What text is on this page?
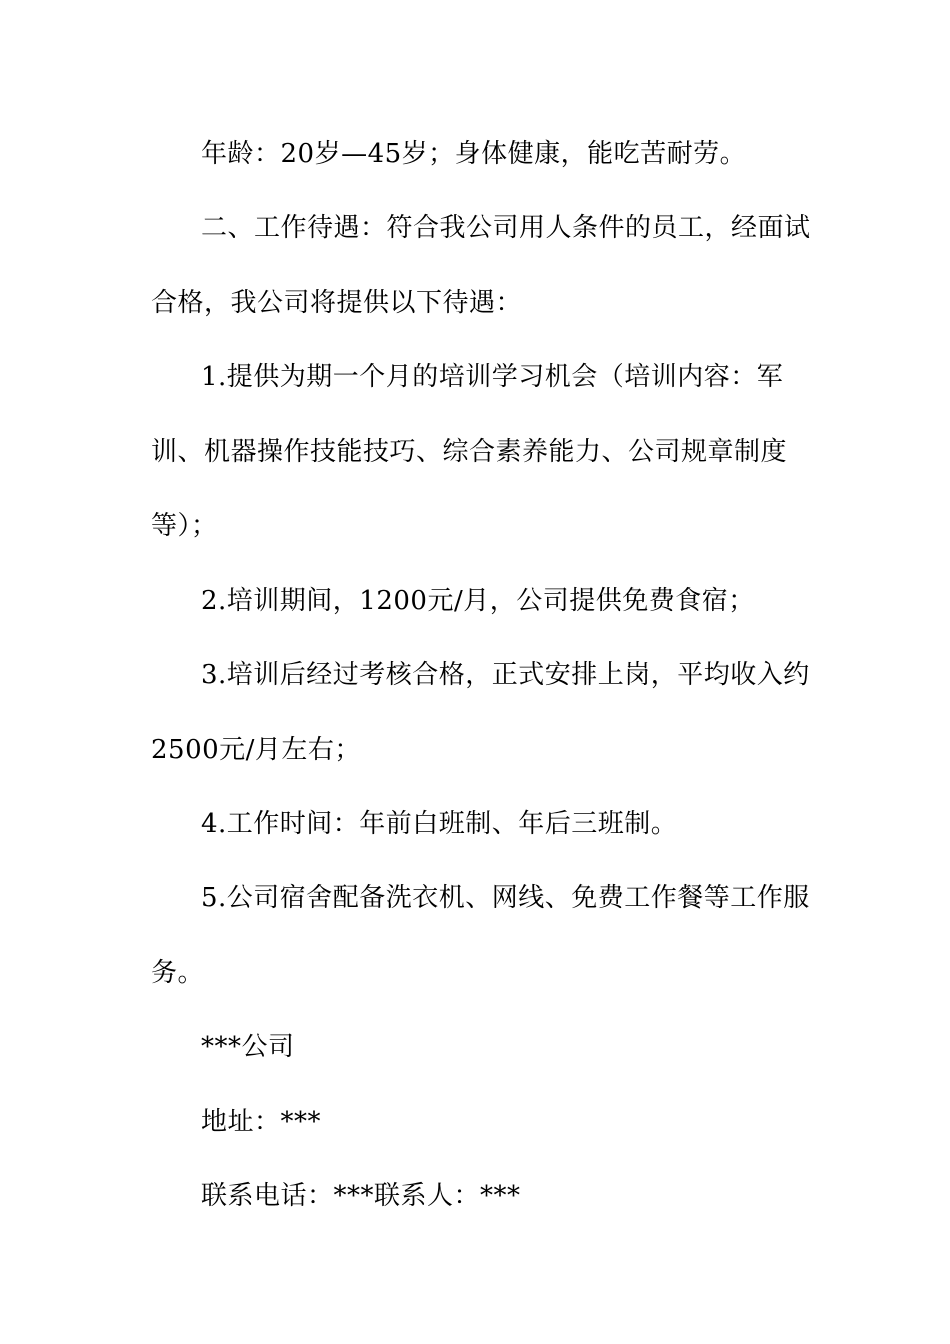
年龄：20岁—45岁；身体健康，能吃苦耐劳。
二、工作待遇：符合我公司用人条件的员工，经面试
合格，我公司将提供以下待遇：
1.提供为期一个月的培训学习机会（培训内容：军
训、机器操作技能技巧、综合素养能力、公司规章制度
等）；
2.培训期间，1200元/月，公司提供免费食宿；
3.培训后经过考核合格，正式安排上岗，平均收入约
2500元/月左右；
4.工作时间：年前白班制、年后三班制。
5.公司宿舍配备洗衣机、网线、免费工作餐等工作服
务。
***公司
地址：***
联系电话：***联系人：***
